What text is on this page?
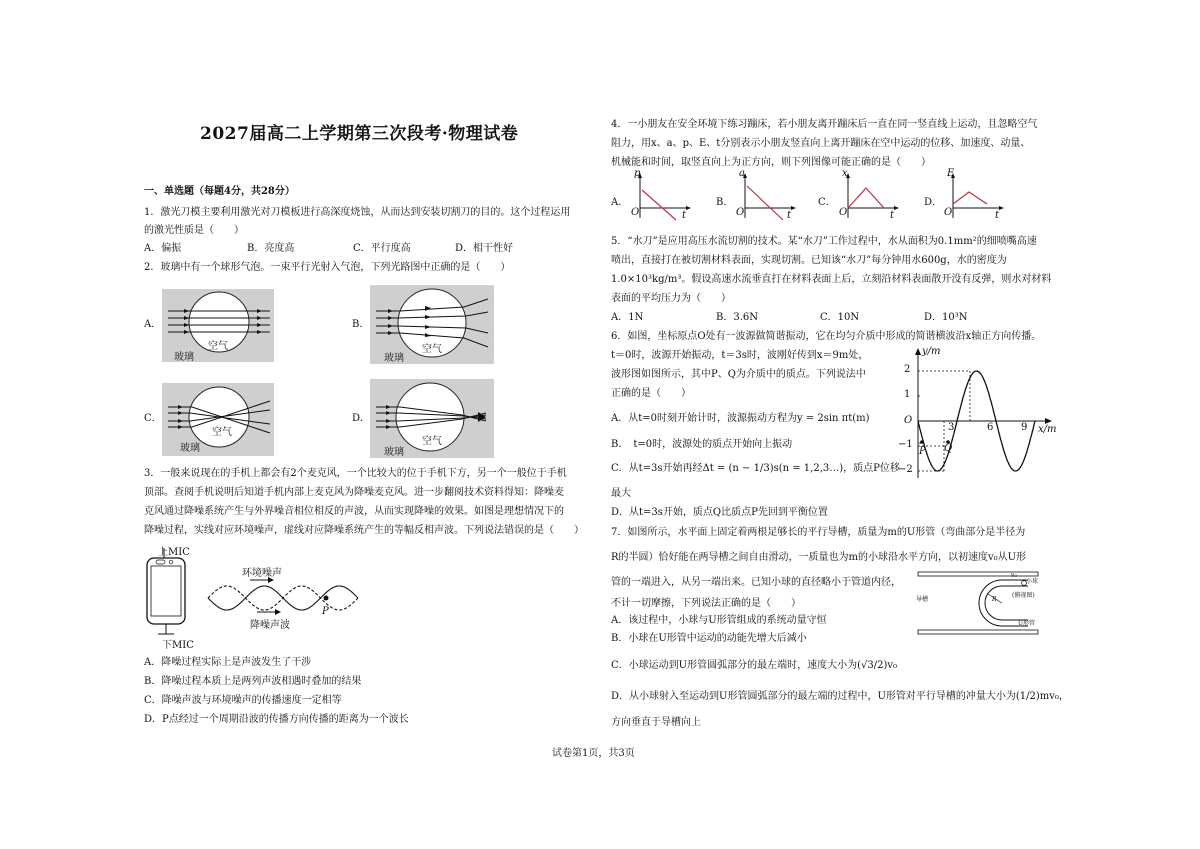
2027届高二上学期第三次段考·物理试卷
一、单选题（每题4分，共28分）
1．激光刀模主要利用激光对刀模板进行高深度烧蚀，从而达到安装切割刀的目的。这个过程运用
的激光性质是（　　）
A．偏振	B．亮度高	C．平行度高	D．相干性好
2．玻璃中有一个球形气泡。一束平行光射入气泡，下列光路图中正确的是（　　）
A．	B．
C．	D．
空气
玻璃
空气
玻璃
空气
玻璃
空气
玻璃
3．一般来说现在的手机上都会有2个麦克风，一个比较大的位于手机下方，另一个一般位于手机
顶部。查阅手机说明后知道手机内部上麦克风为降噪麦克风。进一步翻阅技术资料得知：降噪麦
克风通过降噪系统产生与外界噪音相位相反的声波，从而实现降噪的效果。如图是理想情况下的
降噪过程，实线对应环境噪声，虚线对应降噪系统产生的等幅反相声波。下列说法错误的是（　　）
上MIC
下MIC
环境噪声
降噪声波
P
A．降噪过程实际上是声波发生了干涉
B．降噪过程本质上是两列声波相遇时叠加的结果
C．降噪声波与环境噪声的传播速度一定相等
D．P点经过一个周期沿波的传播方向传播的距离为一个波长
4．一小朋友在安全环境下练习蹦床，若小朋友离开蹦床后一直在同一竖直线上运动，且忽略空气
阻力，用x、a、p、E、t分别表示小朋友竖直向上离开蹦床在空中运动的位移、加速度、动量、
机械能和时间，取竖直向上为正方向，则下列图像可能正确的是（　　）
A．	B．	C．	D．
p
O	t
a
O	t
x
O	t
E
O	t
5．“水刀”是应用高压水流切割的技术。某“水刀”工作过程中，水从面积为0.1mm²的细喷嘴高速
喷出，直接打在被切割材料表面，实现切割。已知该“水刀”每分钟用水600g，水的密度为
1.0×10³kg/m³。假设高速水流垂直打在材料表面上后，立刻沿材料表面散开没有反弹，则水对材料
表面的平均压力为（　　）
A．1N	B．3.6N	C．10N	D．10³N
6．如图，坐标原点O处有一波源做简谐振动，它在均匀介质中形成的简谐横波沿x轴正方向传播。
t＝0时，波源开始振动，t＝3s时，波刚好传到x＝9m处，
波形图如图所示，其中P、Q为介质中的质点。下列说法中
正确的是（　　）
A．从t=0时刻开始计时，波源振动方程为y = 2sin πt(m)
B．　t=0时，波源处的质点开始向上振动
C．从t=3s开始再经Δt = (n − 1/3)s(n = 1,2,3…)，质点P位移
最大
D．从t=3s开始，质点Q比质点P先回到平衡位置
y/m
x/m
2
1
−1
−2
3	6	9
O
P Q
7．如图所示，水平面上固定着两根足够长的平行导槽，质量为m的U形管（弯曲部分是半径为
R的半圆）恰好能在两导槽之间自由滑动，一质量也为m的小球沿水平方向，以初速度v₀从U形
管的一端进入，从另一端出来。已知小球的直径略小于管道内径，
不计一切摩擦，下列说法正确的是（　　）
A．该过程中，小球与U形管组成的系统动量守恒
B．小球在U形管中运动的动能先增大后减小
C．小球运动到U形管圆弧部分的最左端时，速度大小为(√3/2)v₀
D．从小球射入至运动到U形管圆弧部分的最左端的过程中，U形管对平行导槽的冲量大小为(1/2)mv₀，
方向垂直于导槽向上
导槽
v₀
小球
U形管
(俯视图)
R
试卷第1页，共3页
